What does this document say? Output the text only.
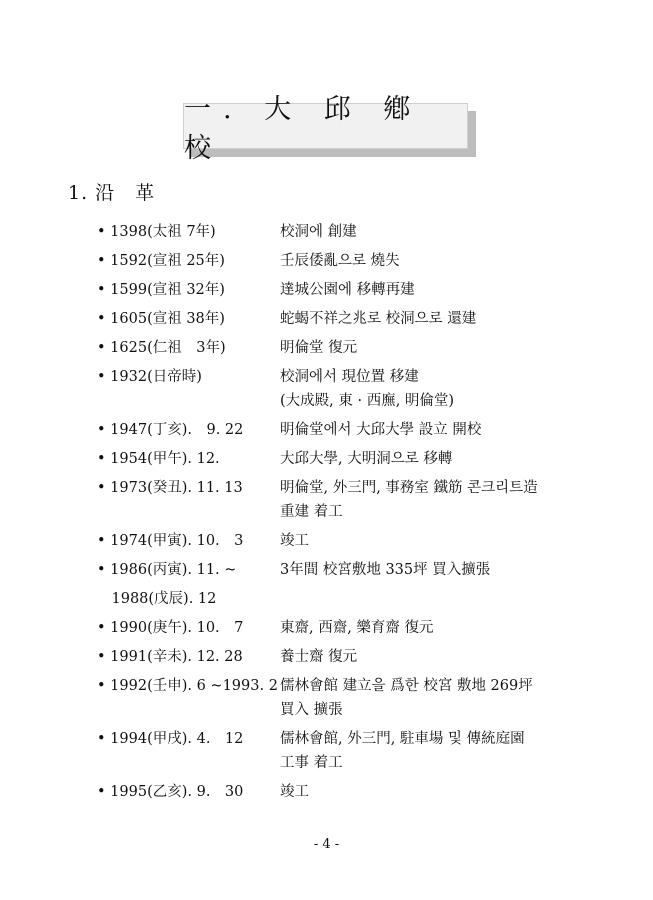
一. 大 邱 鄕 校
1. 沿　革
• 1398(太祖 7年)	校洞에 創建
• 1592(宣祖 25年)	壬辰倭亂으로 燒失
• 1599(宣祖 32年)	達城公園에 移轉再建
• 1605(宣祖 38年)	蛇蝎不祥之兆로 校洞으로 還建
• 1625(仁祖　3年)	明倫堂 復元
• 1932(日帝時)	校洞에서 現位置 移建
(大成殿, 東 · 西廡, 明倫堂)
• 1947(丁亥).　9. 22	明倫堂에서 大邱大學 設立 開校
• 1954(甲午). 12.	大邱大學, 大明洞으로 移轉
• 1973(癸丑). 11. 13	明倫堂, 外三門, 事務室 鐵筋 콘크리트造
重建 着工
• 1974(甲寅). 10.　3	竣工
• 1986(丙寅). 11. ~	3年間 校宮敷地 335坪 買入擴張
　1988(戊辰). 12
• 1990(庚午). 10.　7	東齋, 西齋, 樂育齋 復元
• 1991(辛未). 12. 28	養士齋 復元
• 1992(壬申). 6 ~1993. 2 儒林會館 建立을 爲한 校宮 敷地 269坪
買入 擴張
• 1994(甲戌). 4.　12	儒林會館, 外三門, 駐車場 및 傳統庭園
工事 着工
• 1995(乙亥). 9.　30	竣工
- 4 -
